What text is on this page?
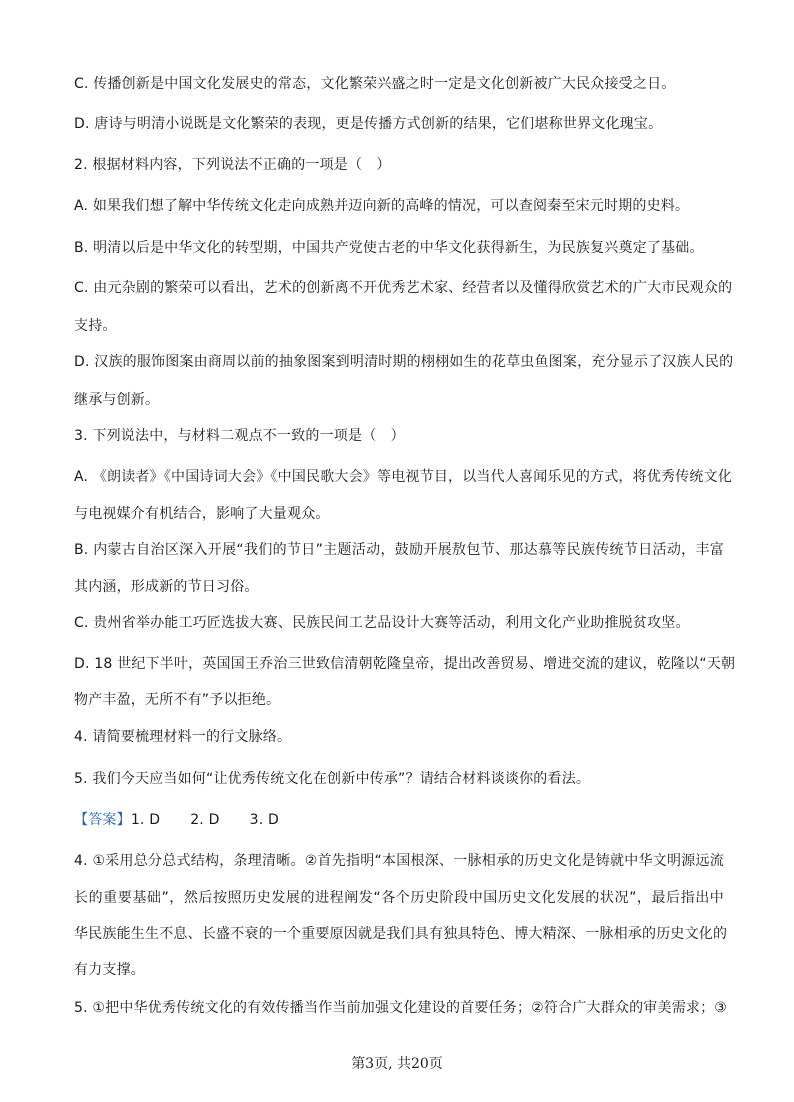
C. 传播创新是中国文化发展史的常态，文化繁荣兴盛之时一定是文化创新被广大民众接受之日。
D. 唐诗与明清小说既是文化繁荣的表现，更是传播方式创新的结果，它们堪称世界文化瑰宝。
2. 根据材料内容，下列说法不正确的一项是（　）
A. 如果我们想了解中华传统文化走向成熟并迈向新的高峰的情况，可以查阅秦至宋元时期的史料。
B. 明清以后是中华文化的转型期，中国共产党使古老的中华文化获得新生，为民族复兴奠定了基础。
C. 由元杂剧的繁荣可以看出，艺术的创新离不开优秀艺术家、经营者以及懂得欣赏艺术的广大市民观众的
支持。
D. 汉族的服饰图案由商周以前的抽象图案到明清时期的栩栩如生的花草虫鱼图案，充分显示了汉族人民的
继承与创新。
3. 下列说法中，与材料二观点不一致的一项是（　）
A. 《朗读者》《中国诗词大会》《中国民歌大会》等电视节目，以当代人喜闻乐见的方式，将优秀传统文化
与电视媒介有机结合，影响了大量观众。
B. 内蒙古自治区深入开展“我们的节日”主题活动，鼓励开展敖包节、那达慕等民族传统节日活动，丰富
其内涵，形成新的节日习俗。
C. 贵州省举办能工巧匠选拔大赛、民族民间工艺品设计大赛等活动，利用文化产业助推脱贫攻坚。
D. 18 世纪下半叶，英国国王乔治三世致信清朝乾隆皇帝，提出改善贸易、增进交流的建议，乾隆以“天朝
物产丰盈，无所不有”予以拒绝。
4. 请简要梳理材料一的行文脉络。
5. 我们今天应当如何“让优秀传统文化在创新中传承”？请结合材料谈谈你的看法。
【答案】1. D 2. D 3. D
4. ①采用总分总式结构，条理清晰。②首先指明“本国根深、一脉相承的历史文化是铸就中华文明源远流
长的重要基础”，然后按照历史发展的进程阐发“各个历史阶段中国历史文化发展的状况”，最后指出中
华民族能生生不息、长盛不衰的一个重要原因就是我们具有独具特色、博大精深、一脉相承的历史文化的
有力支撑。
5. ①把中华优秀传统文化的有效传播当作当前加强文化建设的首要任务；②符合广大群众的审美需求；③
第3页, 共20页
